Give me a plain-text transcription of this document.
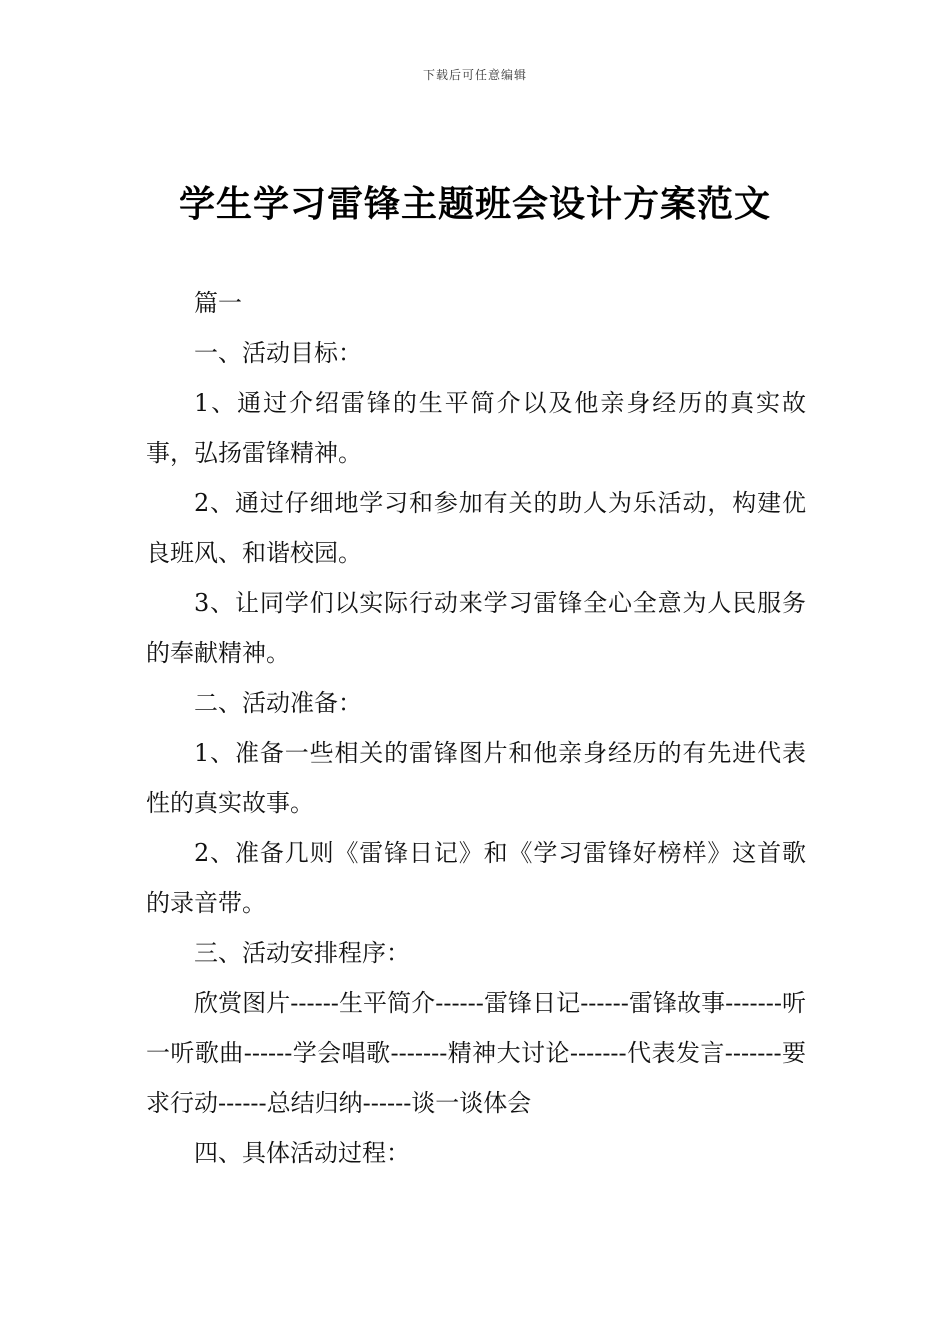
下载后可任意编辑
学生学习雷锋主题班会设计方案范文

篇一

一、活动目标：

1、通过介绍雷锋的生平简介以及他亲身经历的真实故事，弘扬雷锋精神。

2、通过仔细地学习和参加有关的助人为乐活动，构建优良班风、和谐校园。

3、让同学们以实际行动来学习雷锋全心全意为人民服务的奉献精神。

二、活动准备：

1、准备一些相关的雷锋图片和他亲身经历的有先进代表性的真实故事。

2、准备几则《雷锋日记》和《学习雷锋好榜样》这首歌的录音带。

三、活动安排程序：

欣赏图片------生平简介------雷锋日记------雷锋故事-------听一听歌曲------学会唱歌-------精神大讨论-------代表发言-------要求行动------总结归纳------谈一谈体会

四、具体活动过程：
